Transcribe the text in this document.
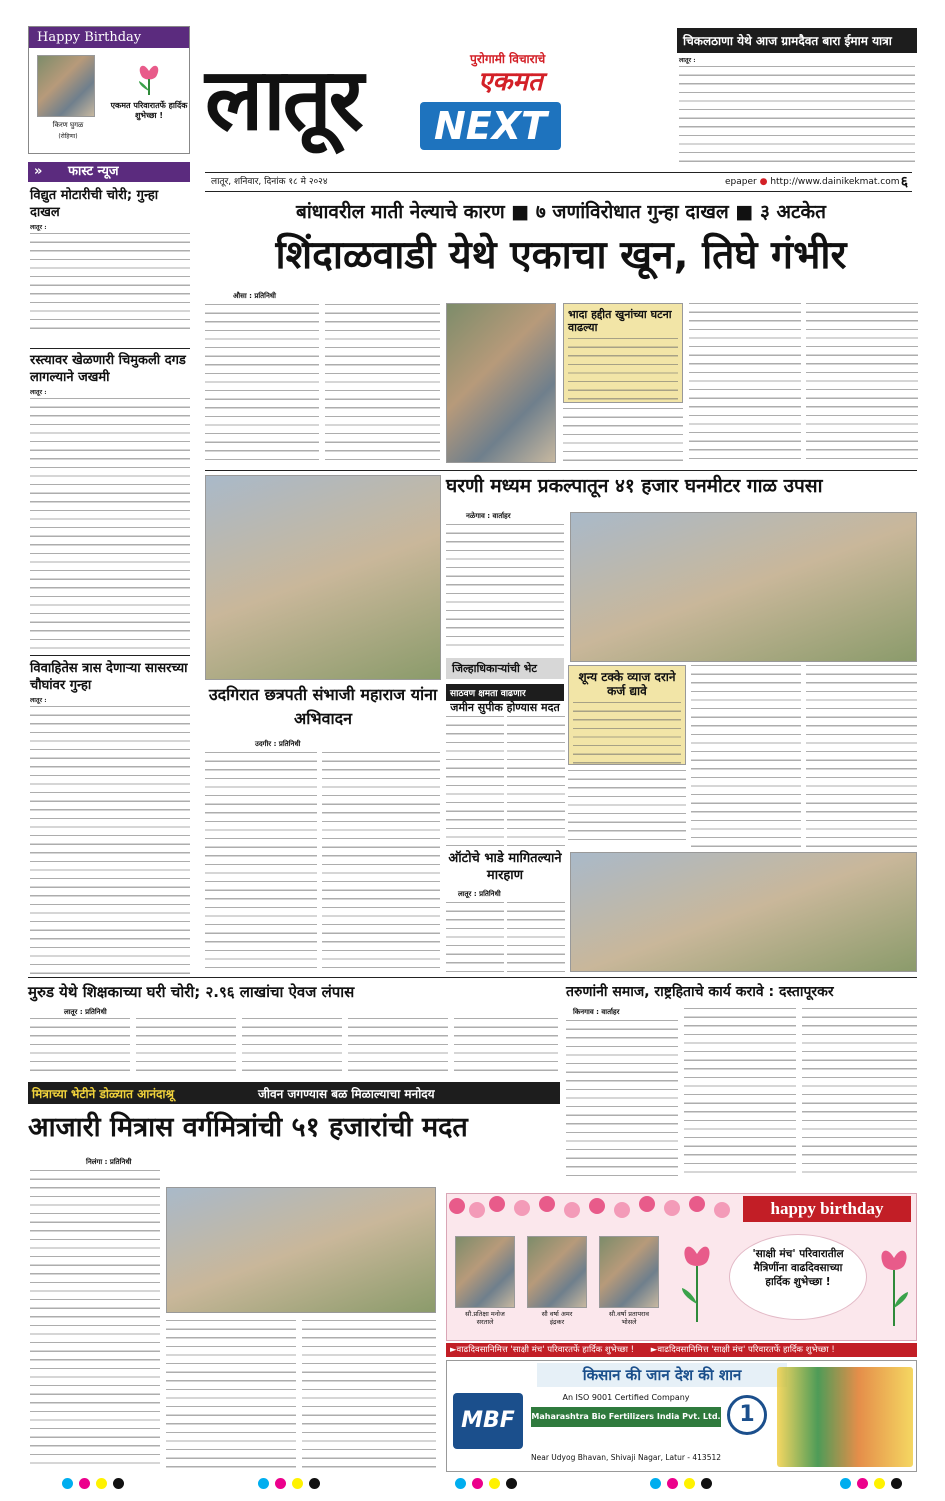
Happy Birthday
किरण घुगळ
(रोहिणा)
एकमत परिवारातर्फे हार्दिक शुभेच्छा ! लातूर	पुरोगामी विचाराचे
एकमत
NEXT
लातूर, शनिवार, दिनांक १८ मे २०२४	epaper ● http://www.dainikekmat.com ६
चिकलठाणा येथे आज ग्रामदैवत बारा ईमाम यात्रा
लातूर :
» फास्ट न्यूज
विद्युत मोटारीची चोरी; गुन्हा दाखल
लातूर :
रस्त्यावर खेळणारी चिमुकली दगड लागल्याने जखमी
लातूर :
विवाहितेस त्रास देणाऱ्या सासरच्या चौघांवर गुन्हा
लातूर :
बांधावरील माती नेल्याचे कारण ■ ७ जणांविरोधात गुन्हा दाखल ■ ३ अटकेत
शिंदाळवाडी येथे एकाचा खून, तिघे गंभीर
औसा : प्रतिनिधी
भादा हद्दीत खुनांच्या घटना वाढल्या
घरणी मध्यम प्रकल्पातून ४१ हजार घनमीटर गाळ उपसा
नळेगाव : वार्ताहर
जिल्हाधिकाऱ्यांची भेट
साठवण क्षमता वाढणार
जमीन सुपीक होण्यास मदत
शून्य टक्के व्याज दराने कर्ज द्यावे
उदगिरात छत्रपती संभाजी महाराज यांना अभिवादन
उदगीर : प्रतिनिधी
ऑटोचे भाडे मागितल्याने मारहाण
लातूर : प्रतिनिधी
मुरुड येथे शिक्षकाच्या घरी चोरी; २.९६ लाखांचा ऐवज लंपास
लातूर : प्रतिनिधी
तरुणांनी समाज, राष्ट्रहिताचे कार्य करावे : दस्तापूरकर
किनगाव : वार्ताहर
मित्राच्या भेटीने डोळ्यात आनंदाश्रू	जीवन जगण्यास बळ मिळाल्याचा मनोदय
आजारी मित्रास वर्गमित्रांची ५१ हजारांची मदत
निलंगा : प्रतिनिधी
happy birthday
सौ.प्रतिक्षा मनोज
सरताले
सौ वर्षा अमर
इंद्रकर
सौ.वर्षा प्रतापराव
भोसले
'साक्षी मंच' परिवारातील मैत्रिणींना वाढदिवसाच्या हार्दिक शुभेच्छा !
►वाढदिवसानिमित्त 'साक्षी मंच' परिवारतर्फे हार्दिक शुभेच्छा ! ►वाढदिवसानिमित्त 'साक्षी मंच' परिवारतर्फे हार्दिक शुभेच्छा !
किसान की जान देश की शान
MBF
An ISO 9001 Certified Company
Maharashtra Bio Fertilizers India Pvt. Ltd. 1
Near Udyog Bhavan, Shivaji Nagar, Latur - 413512
